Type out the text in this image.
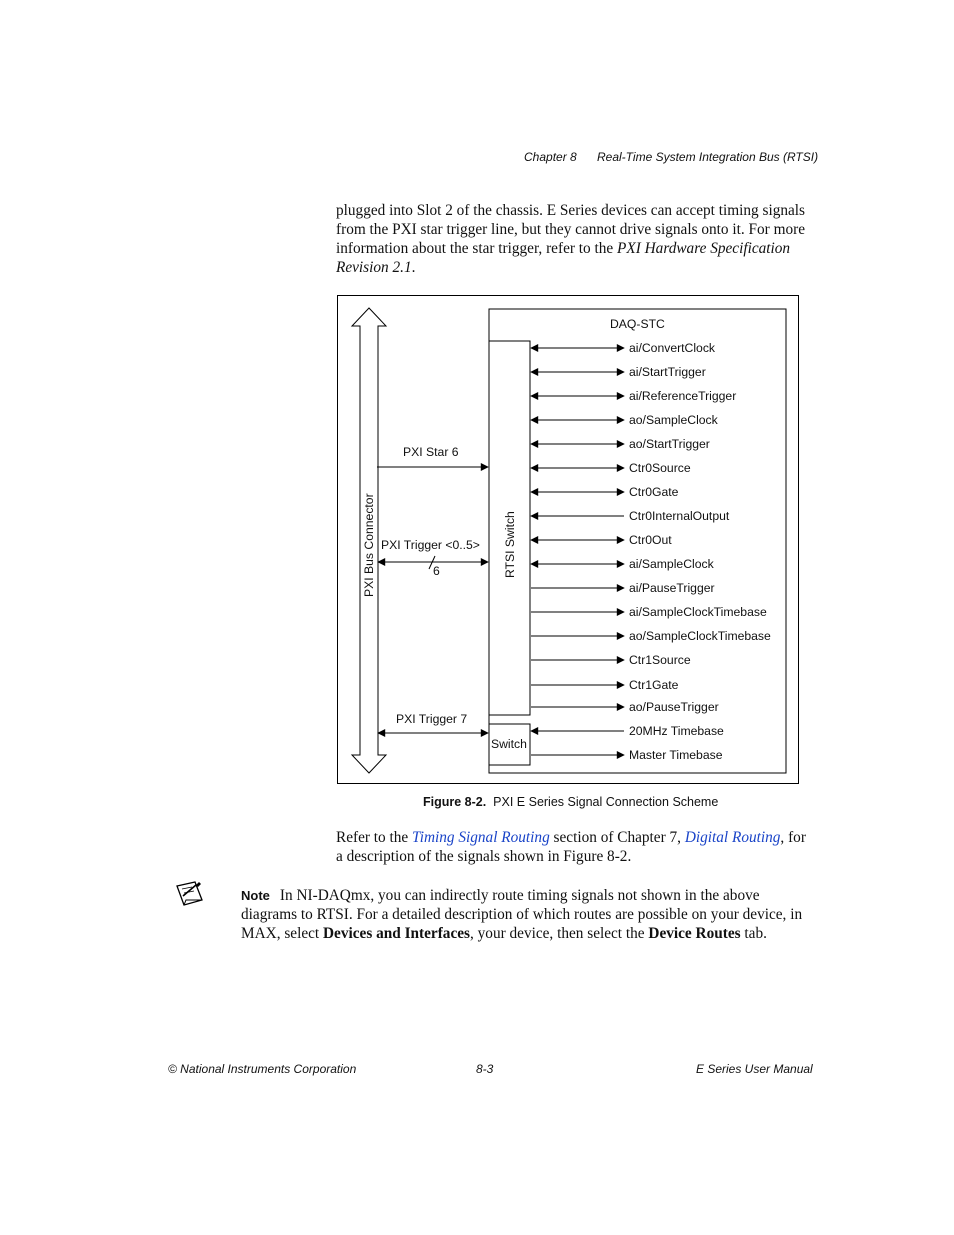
Chapter 8 Real-Time System Integration Bus (RTSI)
plugged into Slot 2 of the chassis. E Series devices can accept timing signals from the PXI star trigger line, but they cannot drive signals onto it. For more information about the star trigger, refer to the PXI Hardware Specification Revision 2.1.
DAQ-STC
RTSI Switch
Switch
PXI Bus Connector
PXI Star 6
PXI Trigger <0..5>
6
PXI Trigger 7
ai/ConvertClock
ai/StartTrigger
ai/ReferenceTrigger
ao/SampleClock
ao/StartTrigger
Ctr0Source
Ctr0Gate
Ctr0InternalOutput
Ctr0Out
ai/SampleClock
ai/PauseTrigger
ai/SampleClockTimebase
ao/SampleClockTimebase
Ctr1Source
Ctr1Gate
ao/PauseTrigger
20MHz Timebase
Master Timebase
Figure 8-2. PXI E Series Signal Connection Scheme
Refer to the Timing Signal Routing section of Chapter 7, Digital Routing, for a description of the signals shown in Figure 8-2.
Note In NI-DAQmx, you can indirectly route timing signals not shown in the above diagrams to RTSI. For a detailed description of which routes are possible on your device, in MAX, select Devices and Interfaces, your device, then select the Device Routes tab.
© National Instruments Corporation	8-3	E Series User Manual
